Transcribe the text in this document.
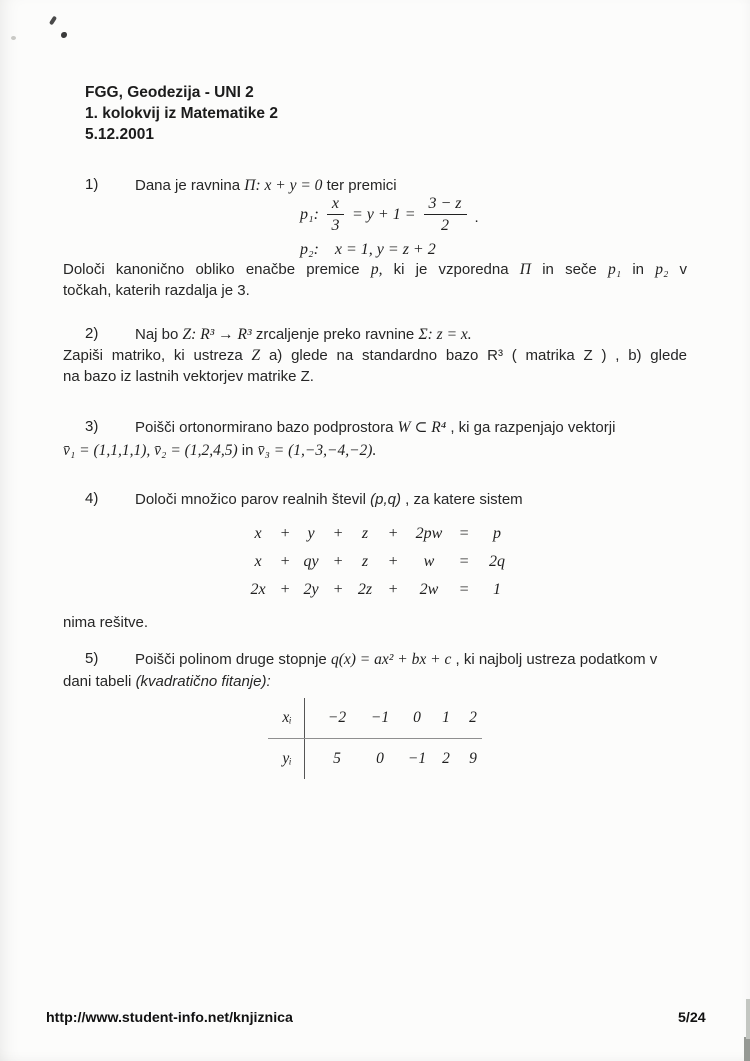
FGG, Geodezija - UNI 2
1. kolokvij iz Matematike 2
5.12.2001
1) Dana je ravnina Π: x + y = 0 ter premici
p₁: $\frac{x}{3} = y + 1 = \frac{3 - z}{2}$ .
p₂: x = 1, y = z + 2
Določi kanonično obliko enačbe premice p, ki je vzporedna Π in seče p₁ in p₂ v
točkah, katerih razdalja je 3.
2) Naj bo Z: R³ → R³ zrcaljenje preko ravnine Σ: z = x.
Zapiši matriko, ki ustreza Z a) glede na standardno bazo R³ ( matrika Z ) , b) glede
na bazo iz lastnih vektorjev matrike Z.
3) Poišči ortonormirano bazo podprostora W ⊂ R⁴ , ki ga razpenjajo vektorji
v̄₁ = (1,1,1,1), v̄₂ = (1,2,4,5) in v̄₃ = (1,−3,−4,−2).
4) Določi množico parov realnih števil (p,q) , za katere sistem
x	+	y	+	z	+	2pw	=	p
x	+ qy +	z	+	w	=	2q
2x + 2y + 2z +	2w	=	1
nima rešitve.
5) Poišči polinom druge stopnje q(x) = ax² + bx + c , ki najbolj ustreza podatkom v
dani tabeli (kvadratično fitanje):
xᵢ	−2	−1	0	1	2
yᵢ	5	0	−1	2	9
http://www.student-info.net/knjiznica	5/24
